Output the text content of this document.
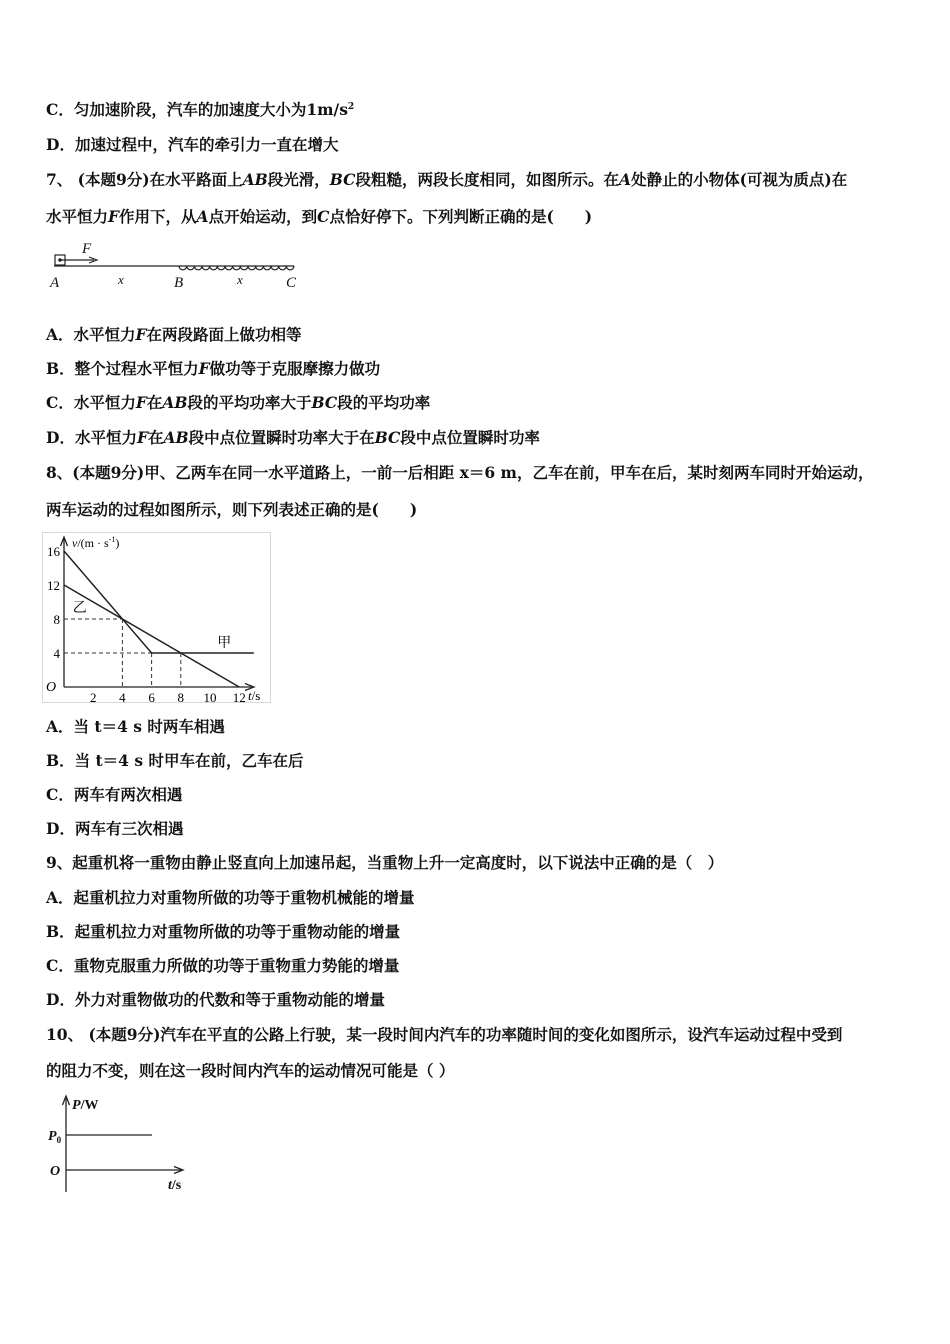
C．匀加速阶段，汽车的加速度大小为$1m/s^2$
D．加速过程中，汽车的牵引力一直在增大
7、 (本题9分)在水平路面上AB段光滑，BC段粗糙，两段长度相同，如图所示。在A处静止的小物体(可视为质点)在
水平恒力F作用下，从A点开始运动，到C点恰好停下。下列判断正确的是(　　)
F
A	x	B	x	C
A．水平恒力F在两段路面上做功相等
B．整个过程水平恒力F做功等于克服摩擦力做功
C．水平恒力F在AB段的平均功率大于BC段的平均功率
D．水平恒力F在AB段中点位置瞬时功率大于在BC段中点位置瞬时功率
8、(本题9分)甲、乙两车在同一水平道路上，一前一后相距 x＝6 m，乙车在前，甲车在后，某时刻两车同时开始运动，
两车运动的过程如图所示，则下列表述正确的是(　　)
2 4 6 8 10 12
4
8
12
16
$v/(m \cdot s^{-1})$
t/s
O
甲
乙
A．当 t＝4 s 时两车相遇
B．当 t＝4 s 时甲车在前，乙车在后
C．两车有两次相遇
D．两车有三次相遇
9、起重机将一重物由静止竖直向上加速吊起，当重物上升一定高度时，以下说法中正确的是（　）
A．起重机拉力对重物所做的功等于重物机械能的增量
B．起重机拉力对重物所做的功等于重物动能的增量
C．重物克服重力所做的功等于重物重力势能的增量
D．外力对重物做功的代数和等于重物动能的增量
10、 (本题9分)汽车在平直的公路上行驶，某一段时间内汽车的功率随时间的变化如图所示，设汽车运动过程中受到
的阻力不变，则在这一段时间内汽车的运动情况可能是（ ）
P/W
$P_0$
O
t/s
